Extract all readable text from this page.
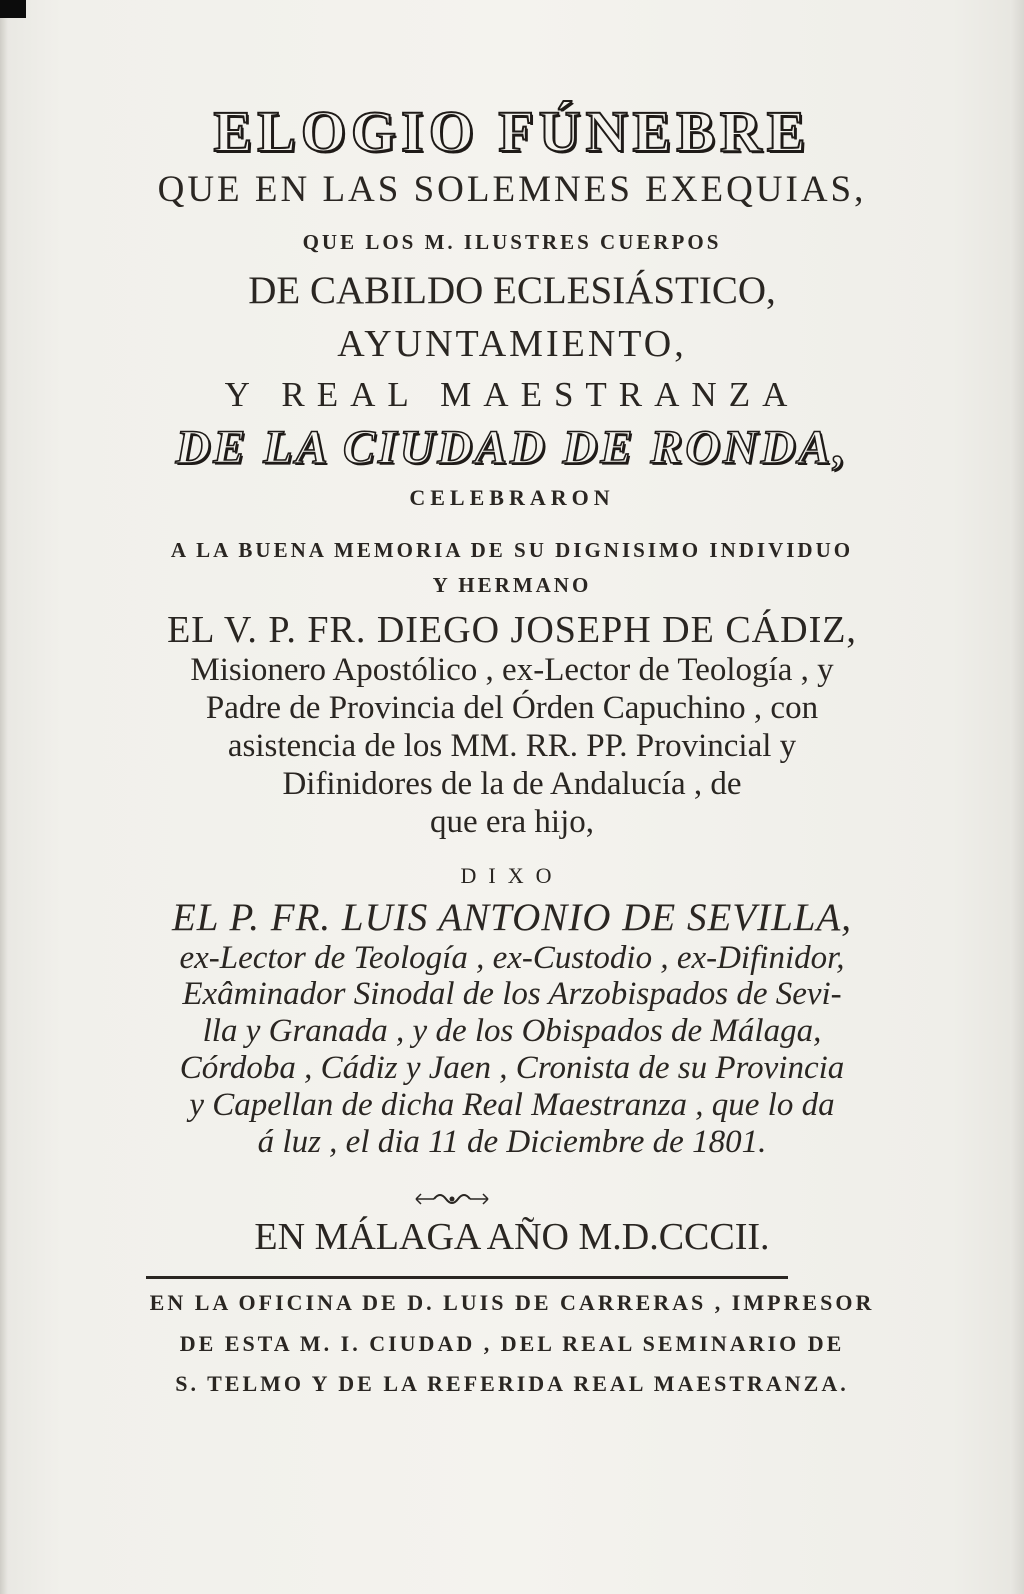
ELOGIO FÚNEBRE
QUE EN LAS SOLEMNES EXEQUIAS,
QUE LOS M. ILUSTRES CUERPOS
DE CABILDO ECLESIÁSTICO,
AYUNTAMIENTO,
Y REAL MAESTRANZA
DE LA CIUDAD DE RONDA,
CELEBRARON
A LA BUENA MEMORIA DE SU DIGNISIMO INDIVIDUO
Y HERMANO
EL V. P. FR. DIEGO JOSEPH DE CÁDIZ,
Misionero Apostólico , ex-Lector de Teología , y
Padre de Provincia del Órden Capuchino , con
asistencia de los MM. RR. PP. Provincial y
Difinidores de la de Andalucía , de
que era hijo,
DIXO
EL P. FR. LUIS ANTONIO DE SEVILLA,
ex-Lector de Teología , ex-Custodio , ex-Difinidor,
Exâminador Sinodal de los Arzobispados de Sevi-
lla y Granada , y de los Obispados de Málaga,
Córdoba , Cádiz y Jaen , Cronista de su Provincia
y Capellan de dicha Real Maestranza , que lo da
á luz , el dia 11 de Diciembre de 1801.
EN MÁLAGA AÑO M.D.CCCII.
EN LA OFICINA DE D. LUIS DE CARRERAS , IMPRESOR
DE ESTA M. I. CIUDAD , DEL REAL SEMINARIO DE
S. TELMO Y DE LA REFERIDA REAL MAESTRANZA.
